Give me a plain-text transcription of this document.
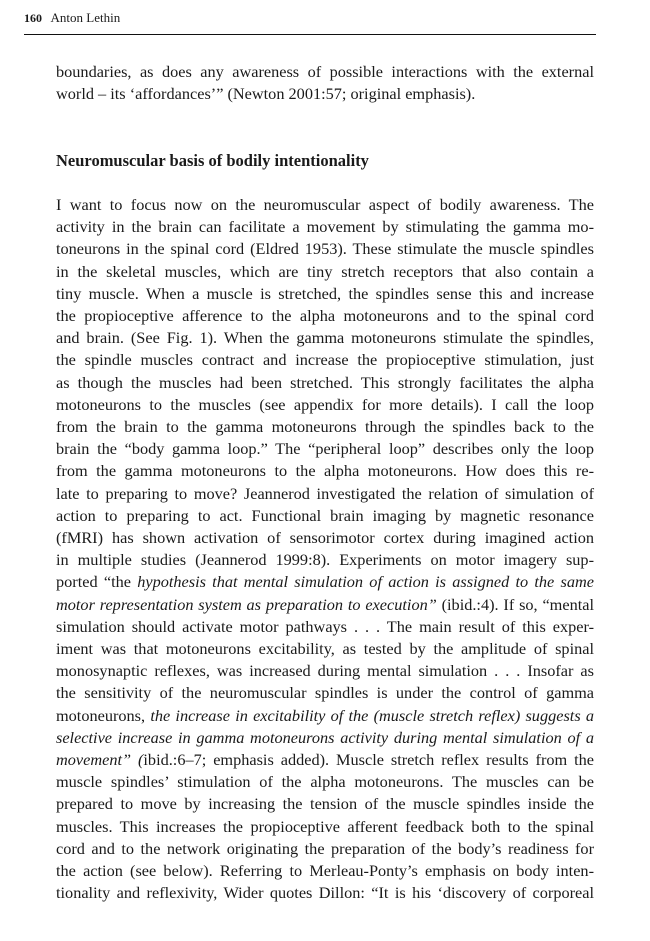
160 Anton Lethin
Neuromuscular basis of bodily intentionality
boundaries, as does any awareness of possible interactions with the external
world – its ‘affordances’” (Newton 2001:57; original emphasis).
I want to focus now on the neuromuscular aspect of bodily awareness. The
activity in the brain can facilitate a movement by stimulating the gamma mo-
toneurons in the spinal cord (Eldred 1953). These stimulate the muscle spindles
in the skeletal muscles, which are tiny stretch receptors that also contain a
tiny muscle. When a muscle is stretched, the spindles sense this and increase
the propioceptive afference to the alpha motoneurons and to the spinal cord
and brain. (See Fig. 1). When the gamma motoneurons stimulate the spindles,
the spindle muscles contract and increase the propioceptive stimulation, just
as though the muscles had been stretched. This strongly facilitates the alpha
motoneurons to the muscles (see appendix for more details). I call the loop
from the brain to the gamma motoneurons through the spindles back to the
brain the “body gamma loop.” The “peripheral loop” describes only the loop
from the gamma motoneurons to the alpha motoneurons. How does this re-
late to preparing to move? Jeannerod investigated the relation of simulation of
action to preparing to act. Functional brain imaging by magnetic resonance
(fMRI) has shown activation of sensorimotor cortex during imagined action
in multiple studies (Jeannerod 1999:8). Experiments on motor imagery sup-
ported “the hypothesis that mental simulation of action is assigned to the same
motor representation system as preparation to execution” (ibid.:4). If so, “mental
simulation should activate motor pathways . . . The main result of this exper-
iment was that motoneurons excitability, as tested by the amplitude of spinal
monosynaptic reflexes, was increased during mental simulation . . . Insofar as
the sensitivity of the neuromuscular spindles is under the control of gamma
motoneurons, the increase in excitability of the (muscle stretch reflex) suggests a
selective increase in gamma motoneurons activity during mental simulation of a
movement” (ibid.:6–7; emphasis added). Muscle stretch reflex results from the
muscle spindles’ stimulation of the alpha motoneurons. The muscles can be
prepared to move by increasing the tension of the muscle spindles inside the
muscles. This increases the propioceptive afferent feedback both to the spinal
cord and to the network originating the preparation of the body’s readiness for
the action (see below). Referring to Merleau-Ponty’s emphasis on body inten-
tionality and reflexivity, Wider quotes Dillon: “It is his ‘discovery of corporeal
